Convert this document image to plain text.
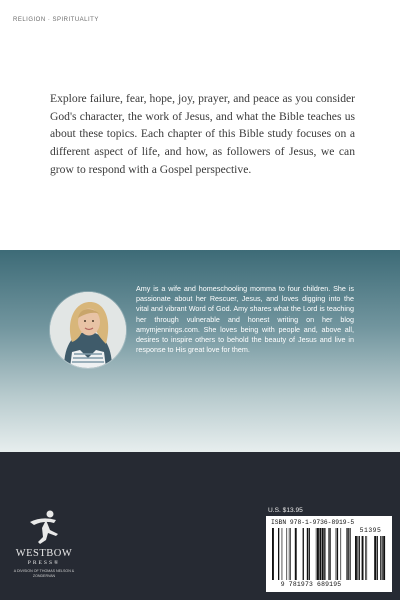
RELIGION · SPIRITUALITY

Explore failure, fear, hope, joy, prayer, and peace as you consider God's character, the work of Jesus, and what the Bible teaches us about these topics. Each chapter of this Bible study focuses on a different aspect of life, and how, as followers of Jesus, we can grow to respond with a Gospel perspective.

Amy is a wife and homeschooling momma to four children. She is passionate about her Rescuer, Jesus, and loves digging into the vital and vibrant Word of God. Amy shares what the Lord is teaching her through vulnerable and honest writing on her blog amymjennings.com. She loves being with people and, above all, desires to inspire others to behold the beauty of Jesus and live in response to His great love for them.

WESTBOW
PRESS®
A DIVISION OF THOMAS NELSON & ZONDERVAN
U.S. $13.95
ISBN 978-1-9736-8919-5
51395
9 781973 689195
